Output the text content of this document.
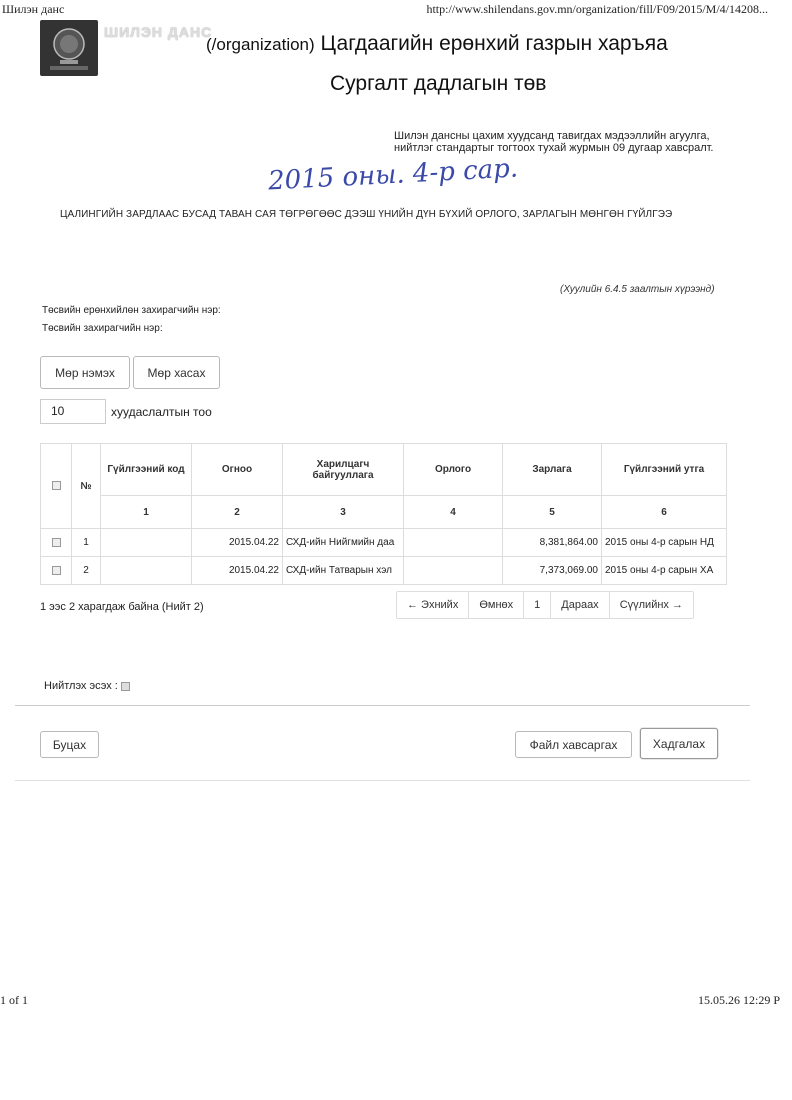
Шилэн данс	http://www.shilendans.gov.mn/organization/fill/F09/2015/M/4/14208...
ШИЛЭН ДАНС
(/organization) Цагдаагийн ерөнхий газрын харъяа
Сургалт дадлагын төв
Шилэн дансны цахим хуудсанд тавигдах мэдээллийн агуулга, нийтлэг стандартыг тогтоох тухай журмын 09 дугаар хавсралт.
2015 оны. 4-р сар.
ЦАЛИНГИЙН ЗАРДЛААС БУСАД ТАВАН САЯ ТӨГРӨГӨӨС ДЭЭШ ҮНИЙН ДҮН БҮХИЙ ОРЛОГО, ЗАРЛАГЫН МӨНГӨН ГҮЙЛГЭЭ
(Хуулийн 6.4.5 заалтын хүрээнд)
Төсвийн ерөнхийлөн захирагчийн нэр:
Төсвийн захирагчийн нэр:
Мөр нэмэх	Мөр хасах
10	хуудаслалтын тоо
	№	Гүйлгээний код	Огноо	Харилцагч байгууллага	Орлого	Зарлага	Гүйлгээний утга
		1	2	3	4	5	6
	1		2015.04.22	СХД-ийн Нийгмийн даа		8,381,864.00	2015 оны 4-р сарын НД
	2		2015.04.22	СХД-ийн Татварын хэл		7,373,069.00	2015 оны 4-р сарын ХА
1 ээс 2 харагдаж байна (Нийт 2)	← Эхнийх	Өмнөх	1	Дараах	Сүүлийнх →
Нийтлэх эсэх :
Буцах	Файл хавсаргах	Хадгалах
1 of 1	15.05.26 12:29 P
